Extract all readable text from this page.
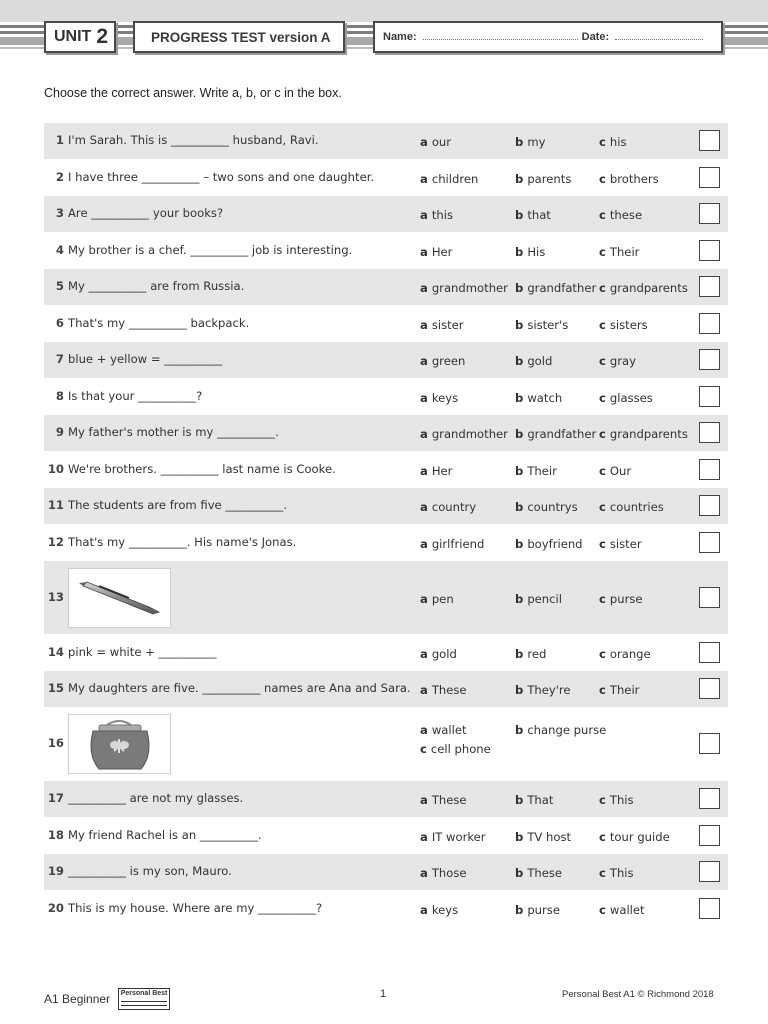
UNIT 2	PROGRESS TEST version A	Name:	Date:
Choose the correct answer. Write a, b, or c in the box.
1 I'm Sarah. This is __________ husband, Ravi.	a our	b my	c his
2 I have three __________ – two sons and one daughter.	a children	b parents c brothers
3 Are __________ your books?	a this	b that	c these
4 My brother is a chef. __________ job is interesting.	a Her	b His	c Their
5 My __________ are from Russia.	a grandmother b grandfather c grandparents
6 That's my __________ backpack.	a sister	b sister's	c sisters
7 blue + yellow = __________	a green	b gold	c gray
8 Is that your __________?	a keys	b watch	c glasses
9 My father's mother is my __________.	a grandmother b grandfather c grandparents
10 We're brothers. __________ last name is Cooke.	a Her	b Their	c Our
11 The students are from five __________.	a country	b countrys c countries
12 That's my __________. His name's Jonas.	a girlfriend	b boyfriend c sister
13	a pen	b pencil	c purse
14 pink = white + __________	a gold	b red	c orange
15 My daughters are five. __________ names are Ana and Sara. a These	b They're c Their
16
a wallet	b change purse
c cell phone
17 __________ are not my glasses.	a These	b That	c This
18 My friend Rachel is an __________.	a IT worker	b TV host c tour guide
19 __________ is my son, Mauro.	a Those	b These	c This
20 This is my house. Where are my __________?	a keys	b purse	c wallet
A1 Beginner	Personal Best	1	Personal Best A1 © Richmond 2018
